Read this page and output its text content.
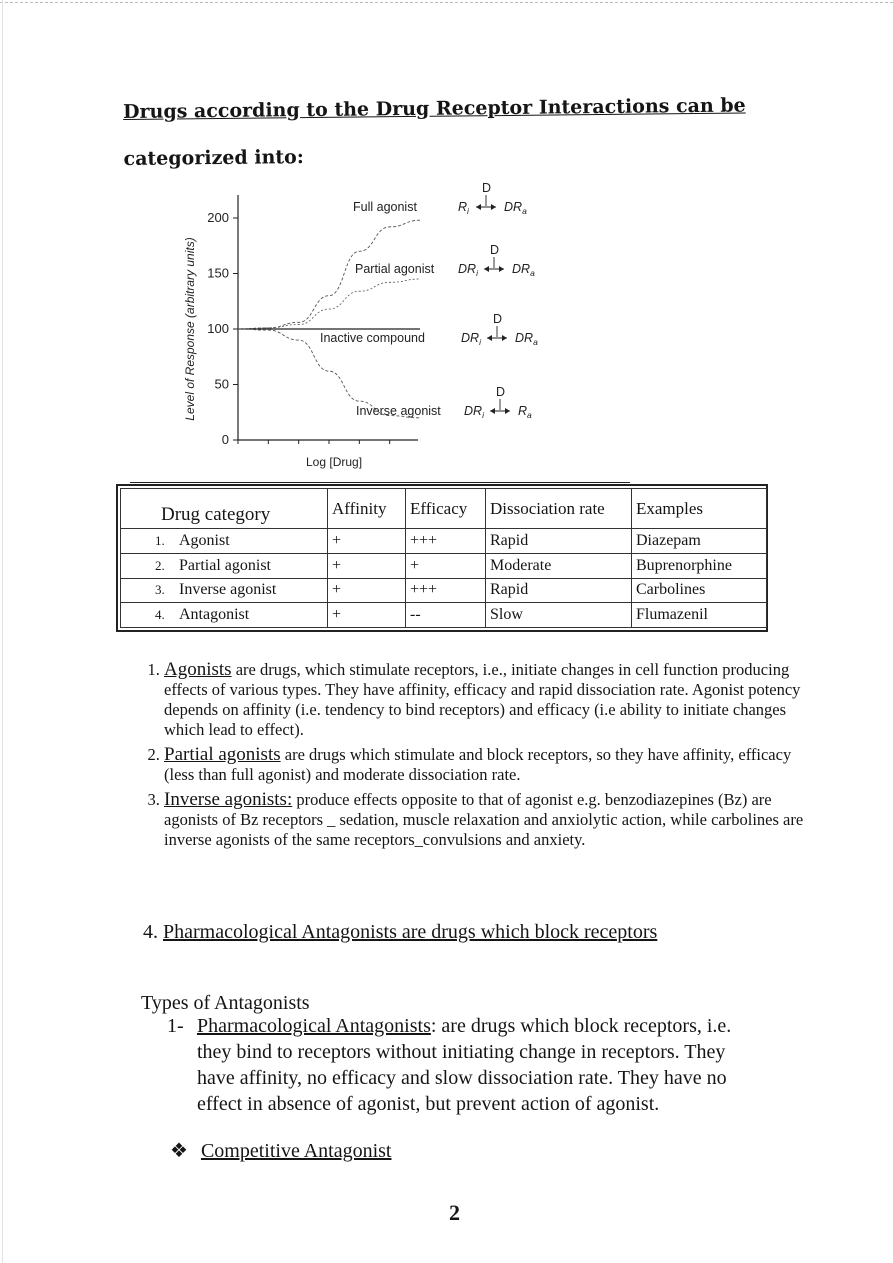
Drugs according to the Drug Receptor Interactions can be
categorized into:
200
150
100
50
0
Level of Response (arbitrary units)
Log [Drug]
Full agonist	$R_i$
D
$DR_a$
Partial agonist $DR_i$
D
$DR_a$
Inactive compound	$DR_i$
D
$DR_a$
Inverse agonist $DR_i$
D
$R_a$
Drug category	Affinity	Efficacy	Dissociation rate	Examples
1. Agonist	+	+++	Rapid	Diazepam
2. Partial agonist	+	+	Moderate	Buprenorphine
3. Inverse agonist	+	+++	Rapid	Carbolines
4. Antagonist	+	--	Slow	Flumazenil
1. Agonists are drugs, which stimulate receptors, i.e., initiate changes in cell function producing effects of various types. They have affinity, efficacy and rapid dissociation rate. Agonist potency depends on affinity (i.e. tendency to bind receptors) and efficacy (i.e ability to initiate changes which lead to effect).
2. Partial agonists are drugs which stimulate and block receptors, so they have affinity, efficacy (less than full agonist) and moderate dissociation rate.
3. Inverse agonists: produce effects opposite to that of agonist e.g. benzodiazepines (Bz) are agonists of Bz receptors _ sedation, muscle relaxation and anxiolytic action, while carbolines are inverse agonists of the same receptors_convulsions and anxiety.
4. Pharmacological Antagonists are drugs which block receptors
Types of Antagonists
1- Pharmacological Antagonists: are drugs which block receptors, i.e. they bind to receptors without initiating change in receptors. They have affinity, no efficacy and slow dissociation rate. They have no effect in absence of agonist, but prevent action of agonist.
❖ Competitive Antagonist
2
